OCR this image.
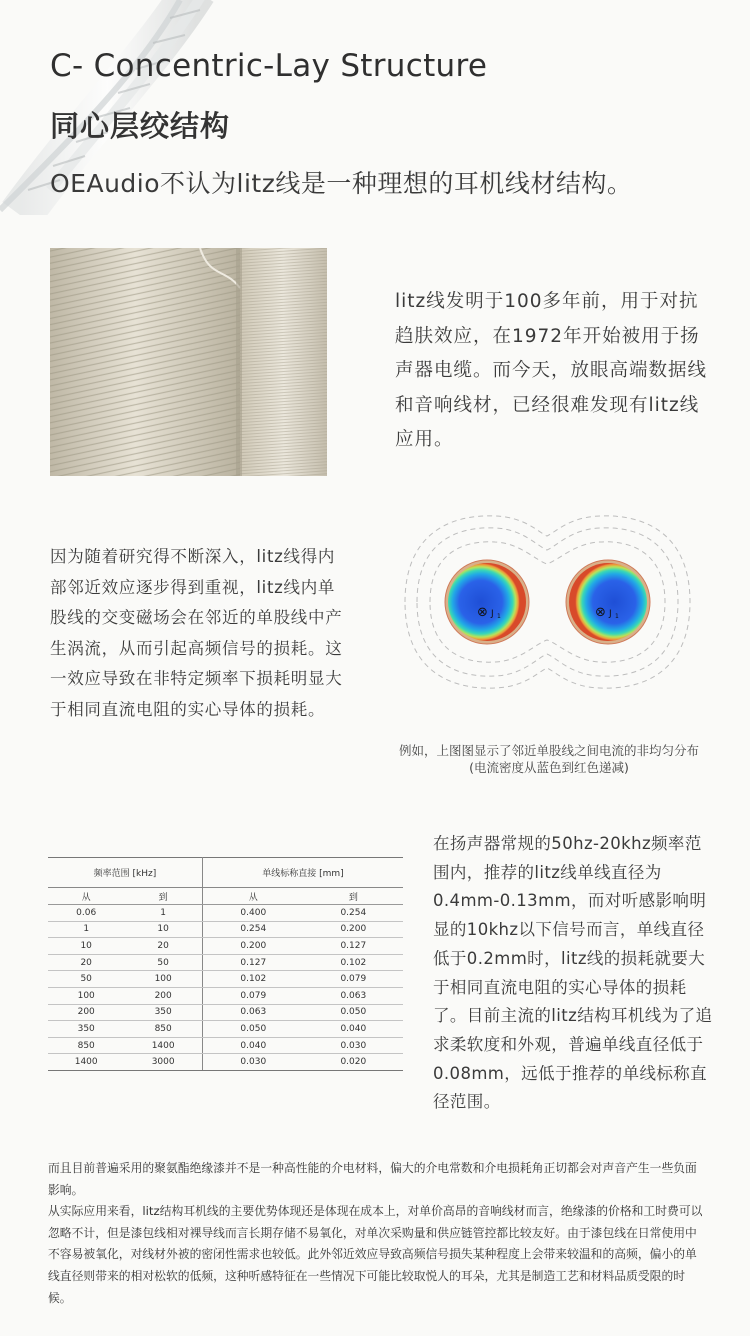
C- Concentric-Lay Structure
同心层绞结构
OEAudio不认为litz线是一种理想的耳机线材结构。
litz线发明于100多年前，用于对抗趋肤效应，在1972年开始被用于扬声器电缆。而今天，放眼高端数据线和音响线材，已经很难发现有litz线应用。
因为随着研究得不断深入，litz线得内部邻近效应逐步得到重视，litz线内单股线的交变磁场会在邻近的单股线中产生涡流，从而引起高频信号的损耗。这一效应导致在非特定频率下损耗明显大于相同直流电阻的实心导体的损耗。
⊗ J 1	⊗ J 1
例如，上图图显示了邻近单股线之间电流的非均匀分布
(电流密度从蓝色到红色递减)
频率范围 [kHz]		单线标称直接 [mm]	
从	到	从	到
0.06	1	0.400	0.254
1	10	0.254	0.200
10	20	0.200	0.127
20	50	0.127	0.102
50	100	0.102	0.079
100	200	0.079	0.063
200	350	0.063	0.050
350	850	0.050	0.040
850	1400	0.040	0.030
1400	3000	0.030	0.020
在扬声器常规的50hz-20khz频率范围内，推荐的litz线单线直径为0.4mm-0.13mm，而对听感影响明显的10khz以下信号而言，单线直径低于0.2mm时，litz线的损耗就要大于相同直流电阻的实心导体的损耗了。目前主流的litz结构耳机线为了追求柔软度和外观，普遍单线直径低于0.08mm，远低于推荐的单线标称直径范围。

而且目前普遍采用的聚氨酯绝缘漆并不是一种高性能的介电材料，偏大的介电常数和介电损耗角正切都会对声音产生一些负面影响。

从实际应用来看，litz结构耳机线的主要优势体现还是体现在成本上，对单价高昂的音响线材而言，绝缘漆的价格和工时费可以忽略不计，但是漆包线相对裸导线而言长期存储不易氧化，对单次采购量和供应链管控都比较友好。由于漆包线在日常使用中不容易被氧化，对线材外被的密闭性需求也较低。此外邻近效应导致高频信号损失某种程度上会带来较温和的高频，偏小的单线直径则带来的相对松软的低频，这种听感特征在一些情况下可能比较取悦人的耳朵，尤其是制造工艺和材料品质受限的时候。
